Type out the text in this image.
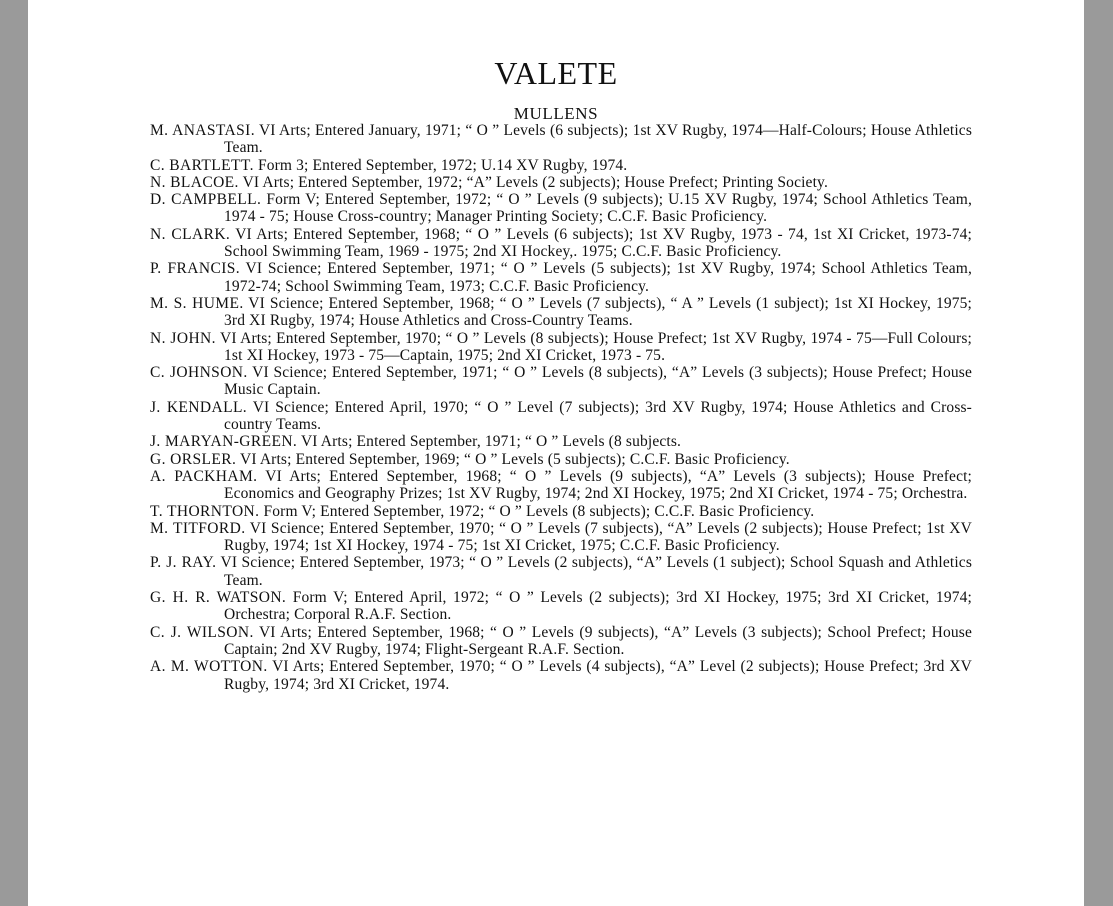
VALETE
MULLENS

M. ANASTASI. VI Arts; Entered January, 1971; “ O ” Levels (6 subjects); 1st XV Rugby, 1974—Half-Colours; House Athletics Team.

C. BARTLETT. Form 3; Entered September, 1972; U.14 XV Rugby, 1974.

N. BLACOE. VI Arts; Entered September, 1972; “A” Levels (2 subjects); House Prefect; Printing Society.

D. CAMPBELL. Form V; Entered September, 1972; “ O ” Levels (9 subjects); U.15 XV Rugby, 1974; School Athletics Team, 1974 - 75; House Cross-country; Manager Printing Society; C.C.F. Basic Proficiency.

N. CLARK. VI Arts; Entered September, 1968; “ O ” Levels (6 subjects); 1st XV Rugby, 1973 - 74, 1st XI Cricket, 1973-74; School Swimming Team, 1969 - 1975; 2nd XI Hockey,. 1975; C.C.F. Basic Proficiency.

P. FRANCIS. VI Science; Entered September, 1971; “ O ” Levels (5 subjects); 1st XV Rugby, 1974; School Athletics Team, 1972-74; School Swimming Team, 1973; C.C.F. Basic Proficiency.

M. S. HUME. VI Science; Entered September, 1968; “ O ” Levels (7 subjects), “ A ” Levels (1 subject); 1st XI Hockey, 1975; 3rd XI Rugby, 1974; House Athletics and Cross-Country Teams.

N. JOHN. VI Arts; Entered September, 1970; “ O ” Levels (8 subjects); House Prefect; 1st XV Rugby, 1974 - 75—Full Colours; 1st XI Hockey, 1973 - 75—Captain, 1975; 2nd XI Cricket, 1973 - 75.

C. JOHNSON. VI Science; Entered September, 1971; “ O ” Levels (8 subjects), “A” Levels (3 subjects); House Prefect; House Music Captain.

J. KENDALL. VI Science; Entered April, 1970; “ O ” Level (7 subjects); 3rd XV Rugby, 1974; House Athletics and Cross-country Teams.

J. MARYAN-GREEN. VI Arts; Entered September, 1971; “ O ” Levels (8 subjects.

G. ORSLER. VI Arts; Entered September, 1969; “ O ” Levels (5 subjects); C.C.F. Basic Proficiency.

A. PACKHAM. VI Arts; Entered September, 1968; “ O ” Levels (9 subjects), “A” Levels (3 subjects); House Prefect; Economics and Geography Prizes; 1st XV Rugby, 1974; 2nd XI Hockey, 1975; 2nd XI Cricket, 1974 - 75; Orchestra.

T. THORNTON. Form V; Entered September, 1972; “ O ” Levels (8 subjects); C.C.F. Basic Proficiency.

M. TITFORD. VI Science; Entered September, 1970; “ O ” Levels (7 subjects), “A” Levels (2 subjects); House Prefect; 1st XV Rugby, 1974; 1st XI Hockey, 1974 - 75; 1st XI Cricket, 1975; C.C.F. Basic Proficiency.

P. J. RAY. VI Science; Entered September, 1973; “ O ” Levels (2 subjects), “A” Levels (1 subject); School Squash and Athletics Team.

G. H. R. WATSON. Form V; Entered April, 1972; “ O ” Levels (2 subjects); 3rd XI Hockey, 1975; 3rd XI Cricket, 1974; Orchestra; Corporal R.A.F. Section.

C. J. WILSON. VI Arts; Entered September, 1968; “ O ” Levels (9 subjects), “A” Levels (3 subjects); School Prefect; House Captain; 2nd XV Rugby, 1974; Flight-Sergeant R.A.F. Section.

A. M. WOTTON. VI Arts; Entered September, 1970; “ O ” Levels (4 subjects), “A” Level (2 subjects); House Prefect; 3rd XV Rugby, 1974; 3rd XI Cricket, 1974.
